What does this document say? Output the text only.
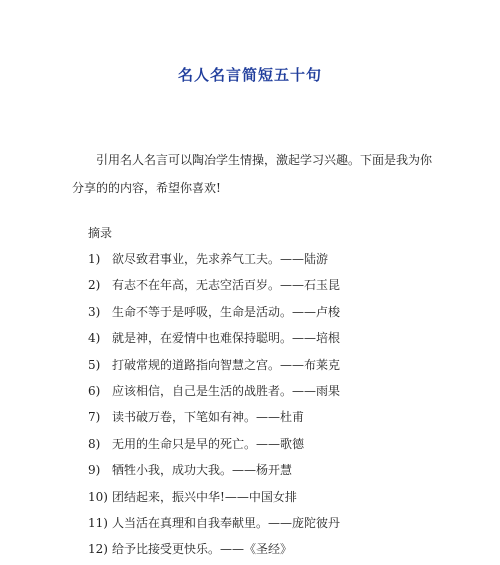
名人名言简短五十句
引用名人名言可以陶冶学生情操，激起学习兴趣。下面是我为你分享的的内容，希望你喜欢!
摘录
1) 欲尽致君事业，先求养气工夫。——陆游
2) 有志不在年高，无志空活百岁。——石玉昆
3) 生命不等于是呼吸，生命是活动。——卢梭
4) 就是神，在爱情中也难保持聪明。——培根
5) 打破常规的道路指向智慧之宫。——布莱克
6) 应该相信，自己是生活的战胜者。——雨果
7) 读书破万卷，下笔如有神。——杜甫
8) 无用的生命只是早的死亡。——歌德
9) 牺牲小我，成功大我。——杨开慧
10) 团结起来，振兴中华!——中国女排
11) 人当活在真理和自我奉献里。——庞陀彼丹
12) 给予比接受更快乐。——《圣经》
